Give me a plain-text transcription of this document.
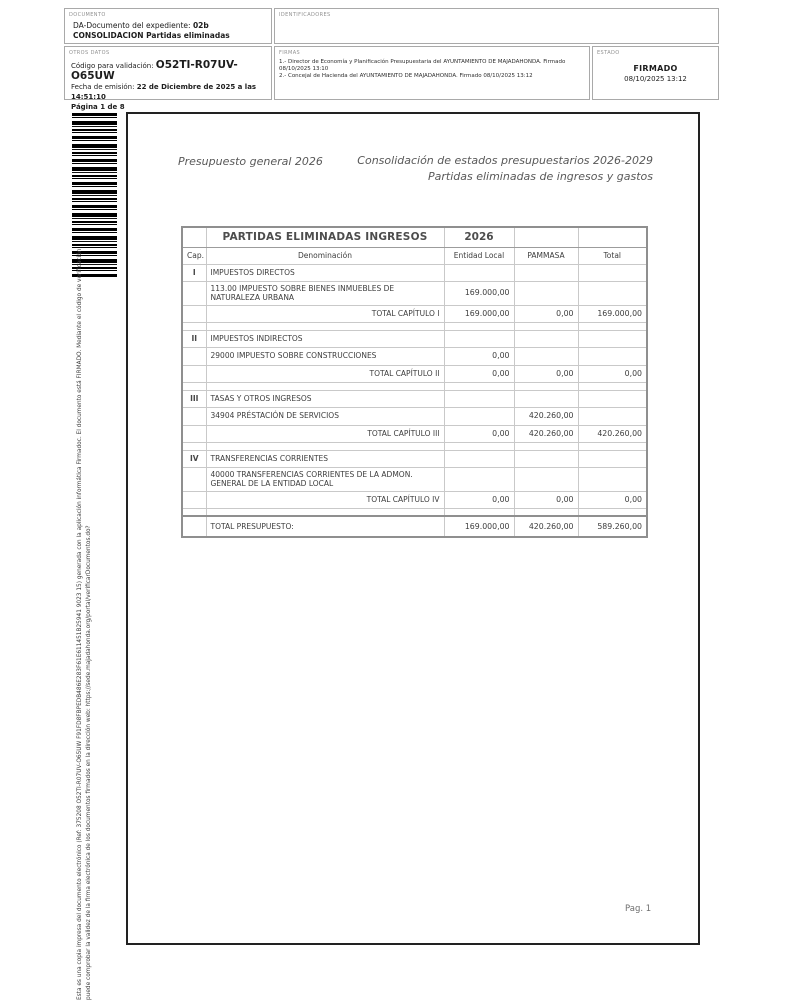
DOCUMENTO
DA-Documento del expediente: 02b
CONSOLIDACION Partidas eliminadas
IDENTIFICADORES
OTROS DATOS
Código para validación: O52TI-R07UV-O65UW
Fecha de emisión: 22 de Diciembre de 2025 a las 14:51:10
Página 1 de 8
FIRMAS
1.- Director de Economía y Planificación Presupuestaria del AYUNTAMIENTO DE MAJADAHONDA. Firmado 08/10/2025 13:10
2.- Concejal de Hacienda del AYUNTAMIENTO DE MAJADAHONDA. Firmado 08/10/2025 13:12
ESTADO
FIRMADO
08/10/2025 13:12
Esta es una copia impresa del documento electrónico (Ref: 375208 O52TI-R07UV-O65UW F91FD8FBPEDB486E283F61E611451B25941 9023 15) generada con la aplicación informática Firmadoc. El documento está FIRMADO. Mediante el código de verificación puede comprobar la validez de la firma electrónica de los documentos firmados en la dirección web: https://sede.majadahonda.org/portal/verificarDocumentos.do?
Presupuesto general 2026	Consolidación de estados presupuestarios 2026-2029
Partidas eliminadas de ingresos y gastos
	PARTIDAS ELIMINADAS INGRESOS	2026		
Cap.	Denominación	Entidad Local	PAMMASA	Total
I	IMPUESTOS DIRECTOS			
	113.00 IMPUESTO SOBRE BIENES INMUEBLES DE NATURALEZA URBANA	169.000,00		
	TOTAL CAPÍTULO I	169.000,00	0,00	169.000,00

II	IMPUESTOS INDIRECTOS			
	29000 IMPUESTO SOBRE CONSTRUCCIONES	0,00		
	TOTAL CAPÍTULO II	0,00	0,00	0,00

III	TASAS Y OTROS INGRESOS			
	34904 PRÉSTACIÓN DE SERVICIOS		420.260,00	
	TOTAL CAPÍTULO III	0,00	420.260,00	420.260,00

IV	TRANSFERENCIAS CORRIENTES			
	40000 TRANSFERENCIAS CORRIENTES DE LA ADMON. GENERAL DE LA ENTIDAD LOCAL			
	TOTAL CAPÍTULO IV	0,00	0,00	0,00

	TOTAL PRESUPUESTO:	169.000,00	420.260,00	589.260,00
Pag. 1
